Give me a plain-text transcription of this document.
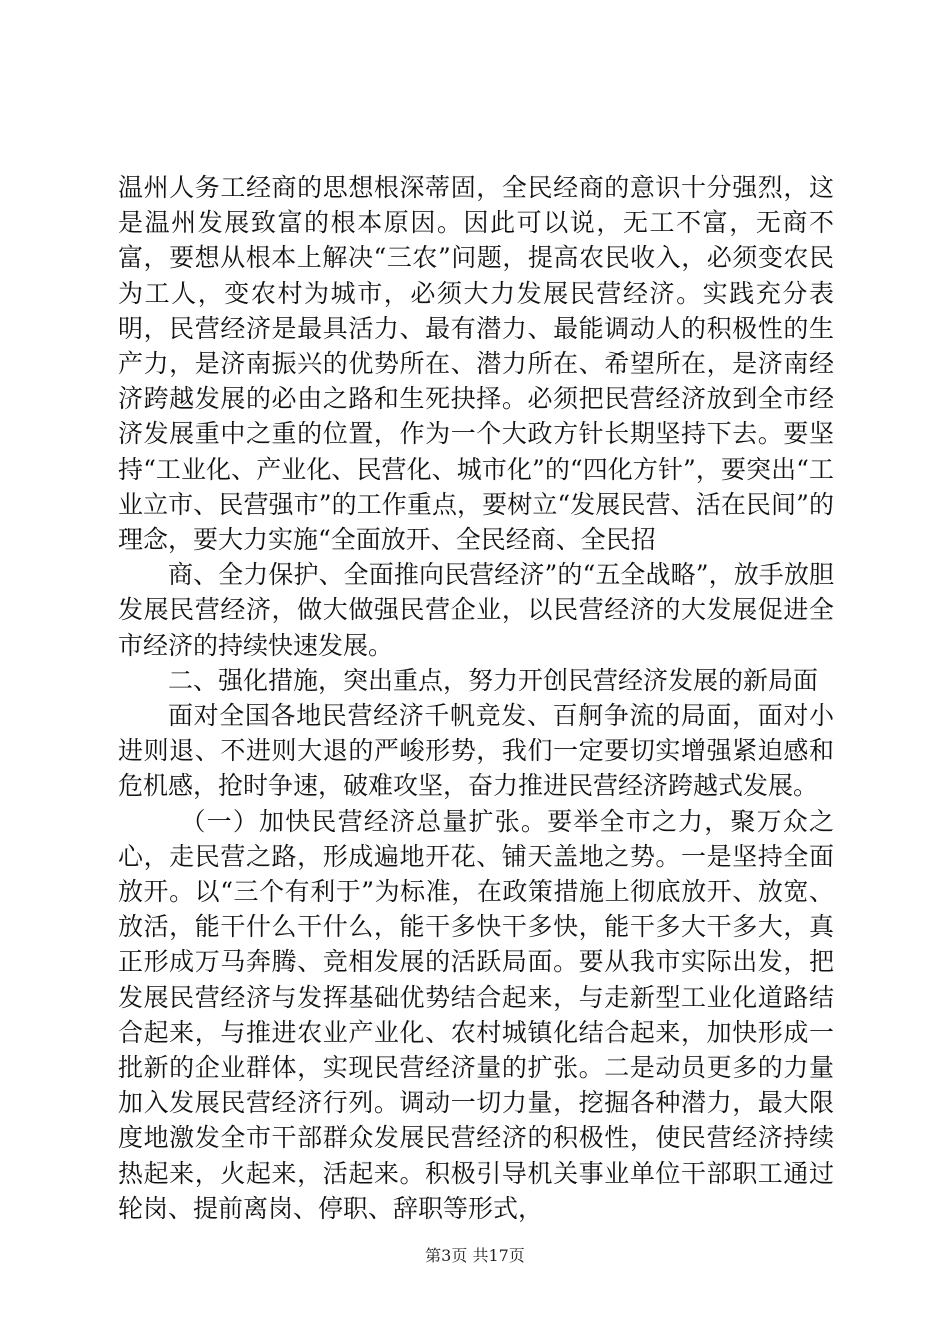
温州人务工经商的思想根深蒂固，全民经商的意识十分强烈，这是温州发展致富的根本原因。因此可以说，无工不富，无商不富，要想从根本上解决“三农”问题，提高农民收入，必须变农民为工人，变农村为城市，必须大力发展民营经济。实践充分表明，民营经济是最具活力、最有潜力、最能调动人的积极性的生产力，是济南振兴的优势所在、潜力所在、希望所在，是济南经济跨越发展的必由之路和生死抉择。必须把民营经济放到全市经济发展重中之重的位置，作为一个大政方针长期坚持下去。要坚持“工业化、产业化、民营化、城市化”的“四化方针”，要突出“工业立市、民营强市”的工作重点，要树立“发展民营、活在民间”的理念，要大力实施“全面放开、全民经商、全民招

商、全力保护、全面推向民营经济”的“五全战略”，放手放胆发展民营经济，做大做强民营企业，以民营经济的大发展促进全市经济的持续快速发展。

二、强化措施，突出重点，努力开创民营经济发展的新局面

面对全国各地民营经济千帆竞发、百舸争流的局面，面对小进则退、不进则大退的严峻形势，我们一定要切实增强紧迫感和危机感，抢时争速，破难攻坚，奋力推进民营经济跨越式发展。

（一）加快民营经济总量扩张。要举全市之力，聚万众之心，走民营之路，形成遍地开花、铺天盖地之势。一是坚持全面放开。以“三个有利于”为标准，在政策措施上彻底放开、放宽、放活，能干什么干什么，能干多快干多快，能干多大干多大，真正形成万马奔腾、竞相发展的活跃局面。要从我市实际出发，把发展民营经济与发挥基础优势结合起来，与走新型工业化道路结合起来，与推进农业产业化、农村城镇化结合起来，加快形成一批新的企业群体，实现民营经济量的扩张。二是动员更多的力量加入发展民营经济行列。调动一切力量，挖掘各种潜力，最大限度地激发全市干部群众发展民营经济的积极性，使民营经济持续热起来，火起来，活起来。积极引导机关事业单位干部职工通过轮岗、提前离岗、停职、辞职等形式，

第3页 共17页
